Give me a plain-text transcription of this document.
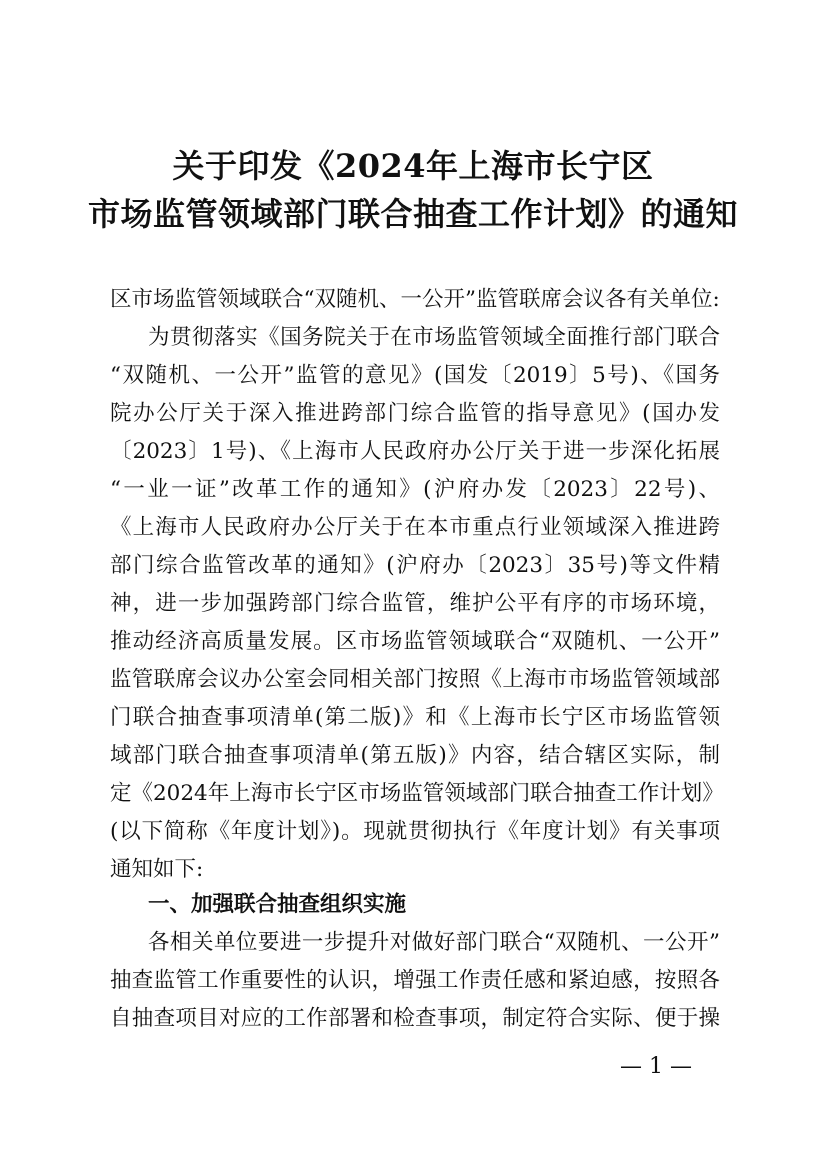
关于印发《2024年上海市长宁区
市场监管领域部门联合抽查工作计划》的通知
区市场监管领域联合“双随机、一公开”监管联席会议各有关单位:
为贯彻落实《国务院关于在市场监管领域全面推行部门联合
“双随机、一公开”监管的意见》(国发〔2019〕5号)、《国务
院办公厅关于深入推进跨部门综合监管的指导意见》(国办发
〔2023〕1号)、《上海市人民政府办公厅关于进一步深化拓展
“一业一证”改革工作的通知》(沪府办发〔2023〕22号)、
《上海市人民政府办公厅关于在本市重点行业领域深入推进跨
部门综合监管改革的通知》(沪府办〔2023〕35号)等文件精
神，进一步加强跨部门综合监管，维护公平有序的市场环境，
推动经济高质量发展。区市场监管领域联合“双随机、一公开”
监管联席会议办公室会同相关部门按照《上海市市场监管领域部
门联合抽查事项清单(第二版)》和《上海市长宁区市场监管领
域部门联合抽查事项清单(第五版)》内容，结合辖区实际，制
定《2024年上海市长宁区市场监管领域部门联合抽查工作计划》
(以下简称《年度计划》)。现就贯彻执行《年度计划》有关事项
通知如下:
一、加强联合抽查组织实施
各相关单位要进一步提升对做好部门联合“双随机、一公开”
抽查监管工作重要性的认识，增强工作责任感和紧迫感，按照各
自抽查项目对应的工作部署和检查事项，制定符合实际、便于操
— 1 —
